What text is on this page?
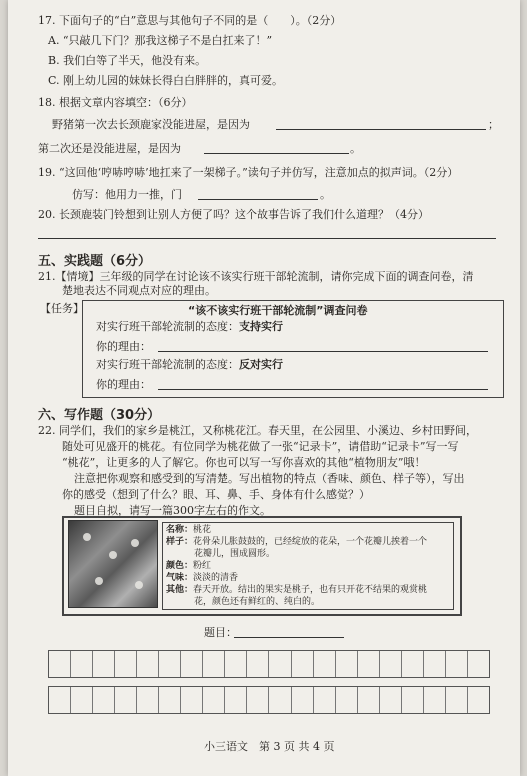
17. 下面句子的“白”意思与其他句子不同的是（　　）。（2分）
A. “只敲几下门？那我这梯子不是白扛来了！”
B. 我们白等了半天，他没有来。
C. 刚上幼儿园的妹妹长得白白胖胖的，真可爱。
18. 根据文章内容填空：（6分）
野猪第一次去长颈鹿家没能进屋，是因为	；
第二次还是没能进屋，是因为	。
19. “这回他‘哼哧哼哧’地扛来了一架梯子。”读句子并仿写，注意加点的拟声词。（2分）
仿写：他用力一推，门	。
20. 长颈鹿装门铃想到让别人方便了吗？这个故事告诉了我们什么道理？（4分）
五、实践题（6分）
21.【情境】三年级的同学在讨论该不该实行班干部轮流制，请你完成下面的调查问卷，清
楚地表达不同观点对应的理由。
【任务】	“该不该实行班干部轮流制”调查问卷
对实行班干部轮流制的态度：支持实行
你的理由：
对实行班干部轮流制的态度：反对实行
你的理由：
六、写作题（30分）
22. 同学们，我们的家乡是桃江，又称桃花江。春天里，在公园里、小溪边、乡村田野间，
随处可见盛开的桃花。有位同学为桃花做了一张“记录卡”，请借助“记录卡”写一写
“桃花”，让更多的人了解它。你也可以写一写你喜欢的其他“植物朋友”哦！
注意把你观察和感受到的写清楚。写出植物的特点（香味、颜色、样子等），写出
你的感受（想到了什么？眼、耳、鼻、手、身体有什么感觉？）
题目自拟，请写一篇300字左右的作文。
名称：桃花
样子：花骨朵儿胀鼓鼓的，已经绽放的花朵，一个花瓣儿挨着一个
花瓣儿，围成圆形。
颜色：粉红
气味：淡淡的清香
其他：春天开放。结出的果实是桃子，也有只开花不结果的观赏桃
花，颜色还有鲜红的、纯白的。
题目：
小三语文　第 3 页 共 4 页
